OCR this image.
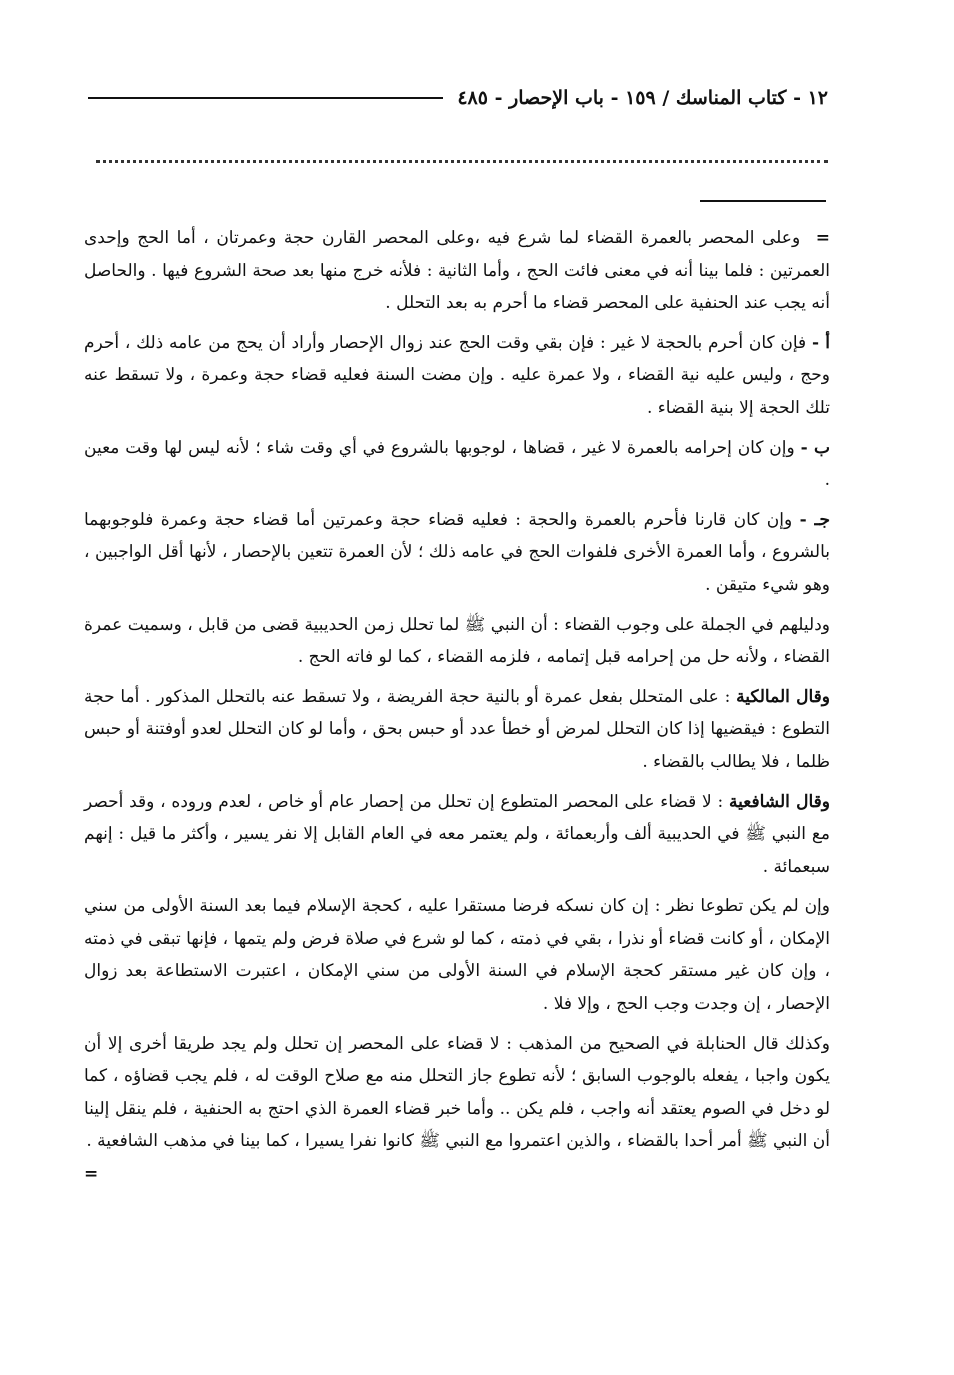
١٢ - كتاب المناسك / ١٥٩ - باب الإحصار - ٤٨٥

= وعلى المحصر بالعمرة القضاء لما شرع فيه ،وعلى المحصر القارن حجة وعمرتان ، أما الحج وإحدى العمرتين : فلما بينا أنه في معنى فائت الحج ، وأما الثانية : فلأنه خرج منها بعد صحة الشروع فيها . والحاصل أنه يجب عند الحنفية على المحصر قضاء ما أحرم به بعد التحلل .

أ - فإن كان أحرم بالحجة لا غير : فإن بقي وقت الحج عند زوال الإحصار وأراد أن يحج من عامه ذلك ، أحرم وحج ، وليس عليه نية القضاء ، ولا عمرة عليه . وإن مضت السنة فعليه قضاء حجة وعمرة ، ولا تسقط عنه تلك الحجة إلا بنية القضاء .

ب - وإن كان إحرامه بالعمرة لا غير ، قضاها ، لوجوبها بالشروع في أي وقت شاء ؛ لأنه ليس لها وقت معين .

جـ - وإن كان قارنا فأحرم بالعمرة والحجة : فعليه قضاء حجة وعمرتين أما قضاء حجة وعمرة فلوجوبهما بالشروع ، وأما العمرة الأخرى فلفوات الحج في عامه ذلك ؛ لأن العمرة تتعين بالإحصار ، لأنها أقل الواجبين ، وهو شيء متيقن .

ودليلهم في الجملة على وجوب القضاء : أن النبي ﷺ لما تحلل زمن الحديبية قضى من قابل ، وسميت عمرة القضاء ، ولأنه حل من إحرامه قبل إتمامه ، فلزمه القضاء ، كما لو فاته الحج .

وقال المالكية : على المتحلل بفعل عمرة أو بالنية حجة الفريضة ، ولا تسقط عنه بالتحلل المذكور . أما حجة التطوع : فيقضيها إذا كان التحلل لمرض أو خطأ عدد أو حبس بحق ، وأما لو كان التحلل لعدو أوفتنة أو حبس ظلما ، فلا يطالب بالقضاء .

وقال الشافعية : لا قضاء على المحصر المتطوع إن تحلل من إحصار عام أو خاص ، لعدم وروده ، وقد أحصر مع النبي ﷺ في الحديبية ألف وأربعمائة ، ولم يعتمر معه في العام القابل إلا نفر يسير ، وأكثر ما قيل : إنهم سبعمائة .

وإن لم يكن تطوعا نظر : إن كان نسكه فرضا مستقرا عليه ، كحجة الإسلام فيما بعد السنة الأولى من سني الإمكان ، أو كانت قضاء أو نذرا ، بقي في ذمته ، كما لو شرع في صلاة فرض ولم يتمها ، فإنها تبقى في ذمته ، وإن كان غير مستقر كحجة الإسلام في السنة الأولى من سني الإمكان ، اعتبرت الاستطاعة بعد زوال الإحصار ، إن وجدت وجب الحج ، وإلا فلا .

وكذلك قال الحنابلة في الصحيح من المذهب : لا قضاء على المحصر إن تحلل ولم يجد طريقا أخرى إلا أن يكون واجبا ، يفعله بالوجوب السابق ؛ لأنه تطوع جاز التحلل منه مع صلاح الوقت له ، فلم يجب قضاؤه ، كما لو دخل في الصوم يعتقد أنه واجب ، فلم يكن .. وأما خبر قضاء العمرة الذي احتج به الحنفية ، فلم ينقل إلينا أن النبي ﷺ أمر أحدا بالقضاء ، والذين اعتمروا مع النبي ﷺ كانوا نفرا يسيرا ، كما بينا في مذهب الشافعية .
=
